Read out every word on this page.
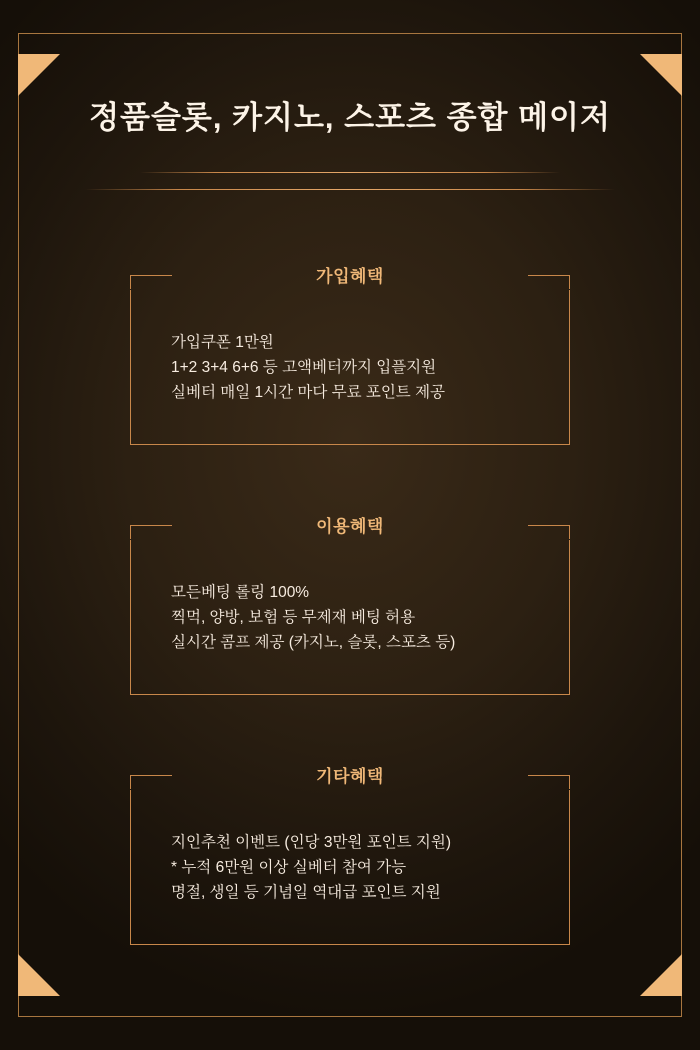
정품슬롯, 카지노, 스포츠 종합 메이저
가입혜택
가입쿠폰 1만원
1+2 3+4 6+6 등 고액베터까지 입플지원
실베터 매일 1시간 마다 무료 포인트 제공
이용혜택
모든베팅 롤링 100%
찍먹, 양방, 보험 등 무제재 베팅 허용
실시간 콤프 제공 (카지노, 슬롯, 스포츠 등)
기타혜택
지인추천 이벤트 (인당 3만원 포인트 지원)
* 누적 6만원 이상 실베터 참여 가능
명절, 생일 등 기념일 역대급 포인트 지원
